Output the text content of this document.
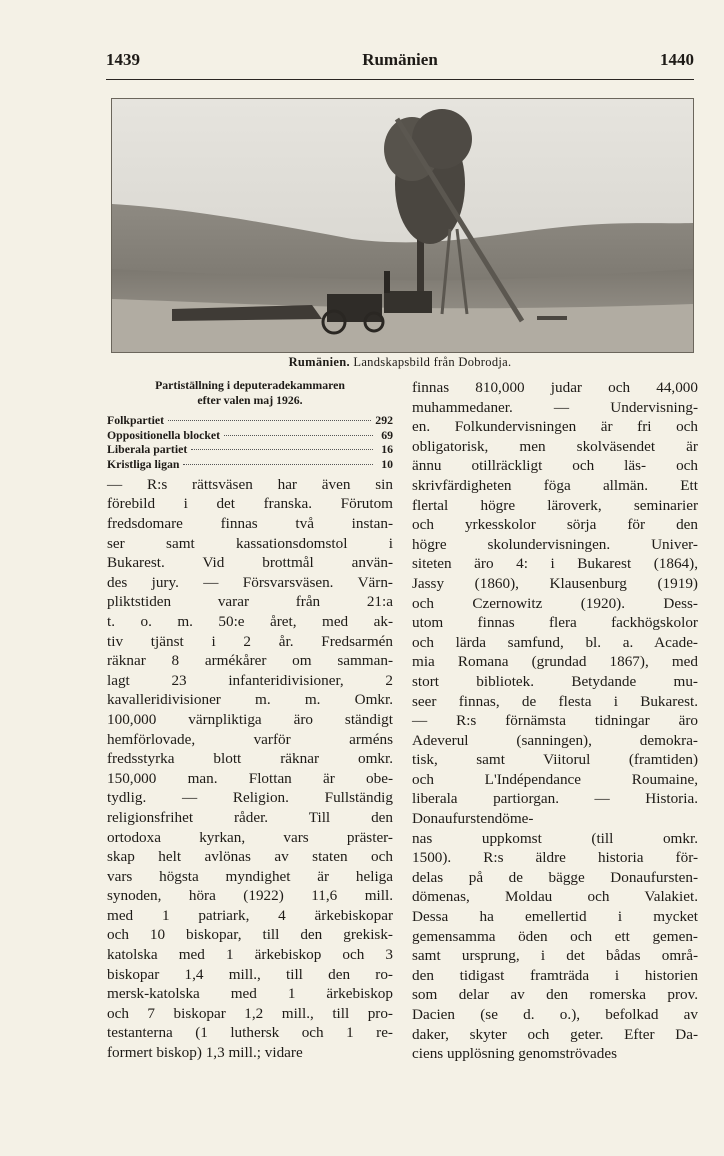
1439	Rumänien	1440
Rumänien. Landskapsbild från Dobrodja.
Partiställning i deputeradekammaren
efter valen maj 1926.
Folkpartiet	292
Oppositionella blocket	69
Liberala partiet	16
Kristliga ligan	10
— R:s rättsväsen har även sin
förebild i det franska. Förutom
fredsdomare finnas två instan-
ser samt kassationsdomstol i
Bukarest. Vid brottmål använ-
des jury. — Försvarsväsen. Värn-
pliktstiden varar från 21:a
t. o. m. 50:e året, med ak-
tiv tjänst i 2 år. Fredsarmén
räknar 8 armékårer om samman-
lagt 23 infanteridivisioner, 2
kavalleridivisioner m. m. Omkr.
100,000 värnpliktiga äro ständigt
hemförlovade, varför arméns
fredsstyrka blott räknar omkr.
150,000 man. Flottan är obe-
tydlig. — Religion. Fullständig
religionsfrihet råder. Till den
ortodoxa kyrkan, vars präster-
skap helt avlönas av staten och
vars högsta myndighet är heliga
synoden, höra (1922) 11,6 mill.
med 1 patriark, 4 ärkebiskopar
och 10 biskopar, till den grekisk-
katolska med 1 ärkebiskop och 3
biskopar 1,4 mill., till den ro-
mersk-katolska med 1 ärkebiskop
och 7 biskopar 1,2 mill., till pro-
testanterna (1 luthersk och 1 re-
formert biskop) 1,3 mill.; vidare
finnas 810,000 judar och 44,000
muhammedaner. — Undervisning-
en. Folkundervisningen är fri och
obligatorisk, men skolväsendet är
ännu otillräckligt och läs- och
skrivfärdigheten föga allmän. Ett
flertal högre läroverk, seminarier
och yrkesskolor sörja för den
högre skolundervisningen. Univer-
siteten äro 4: i Bukarest (1864),
Jassy (1860), Klausenburg (1919)
och Czernowitz (1920). Dess-
utom finnas flera fackhögskolor
och lärda samfund, bl. a. Acade-
mia Romana (grundad 1867), med
stort bibliotek. Betydande mu-
seer finnas, de flesta i Bukarest.
— R:s förnämsta tidningar äro
Adeverul (sanningen), demokra-
tisk, samt Viitorul (framtiden)
och L'Indépendance Roumaine,
liberala partiorgan. — Historia.
Donaufurstendöme-
nas uppkomst (till omkr.
1500). R:s äldre historia för-
delas på de bägge Donaufursten-
dömenas, Moldau och Valakiet.
Dessa ha emellertid i mycket
gemensamma öden och ett gemen-
samt ursprung, i det bådas områ-
den tidigast framträda i historien
som delar av den romerska prov.
Dacien (se d. o.), befolkad av
daker, skyter och geter. Efter Da-
ciens upplösning genomströvades
